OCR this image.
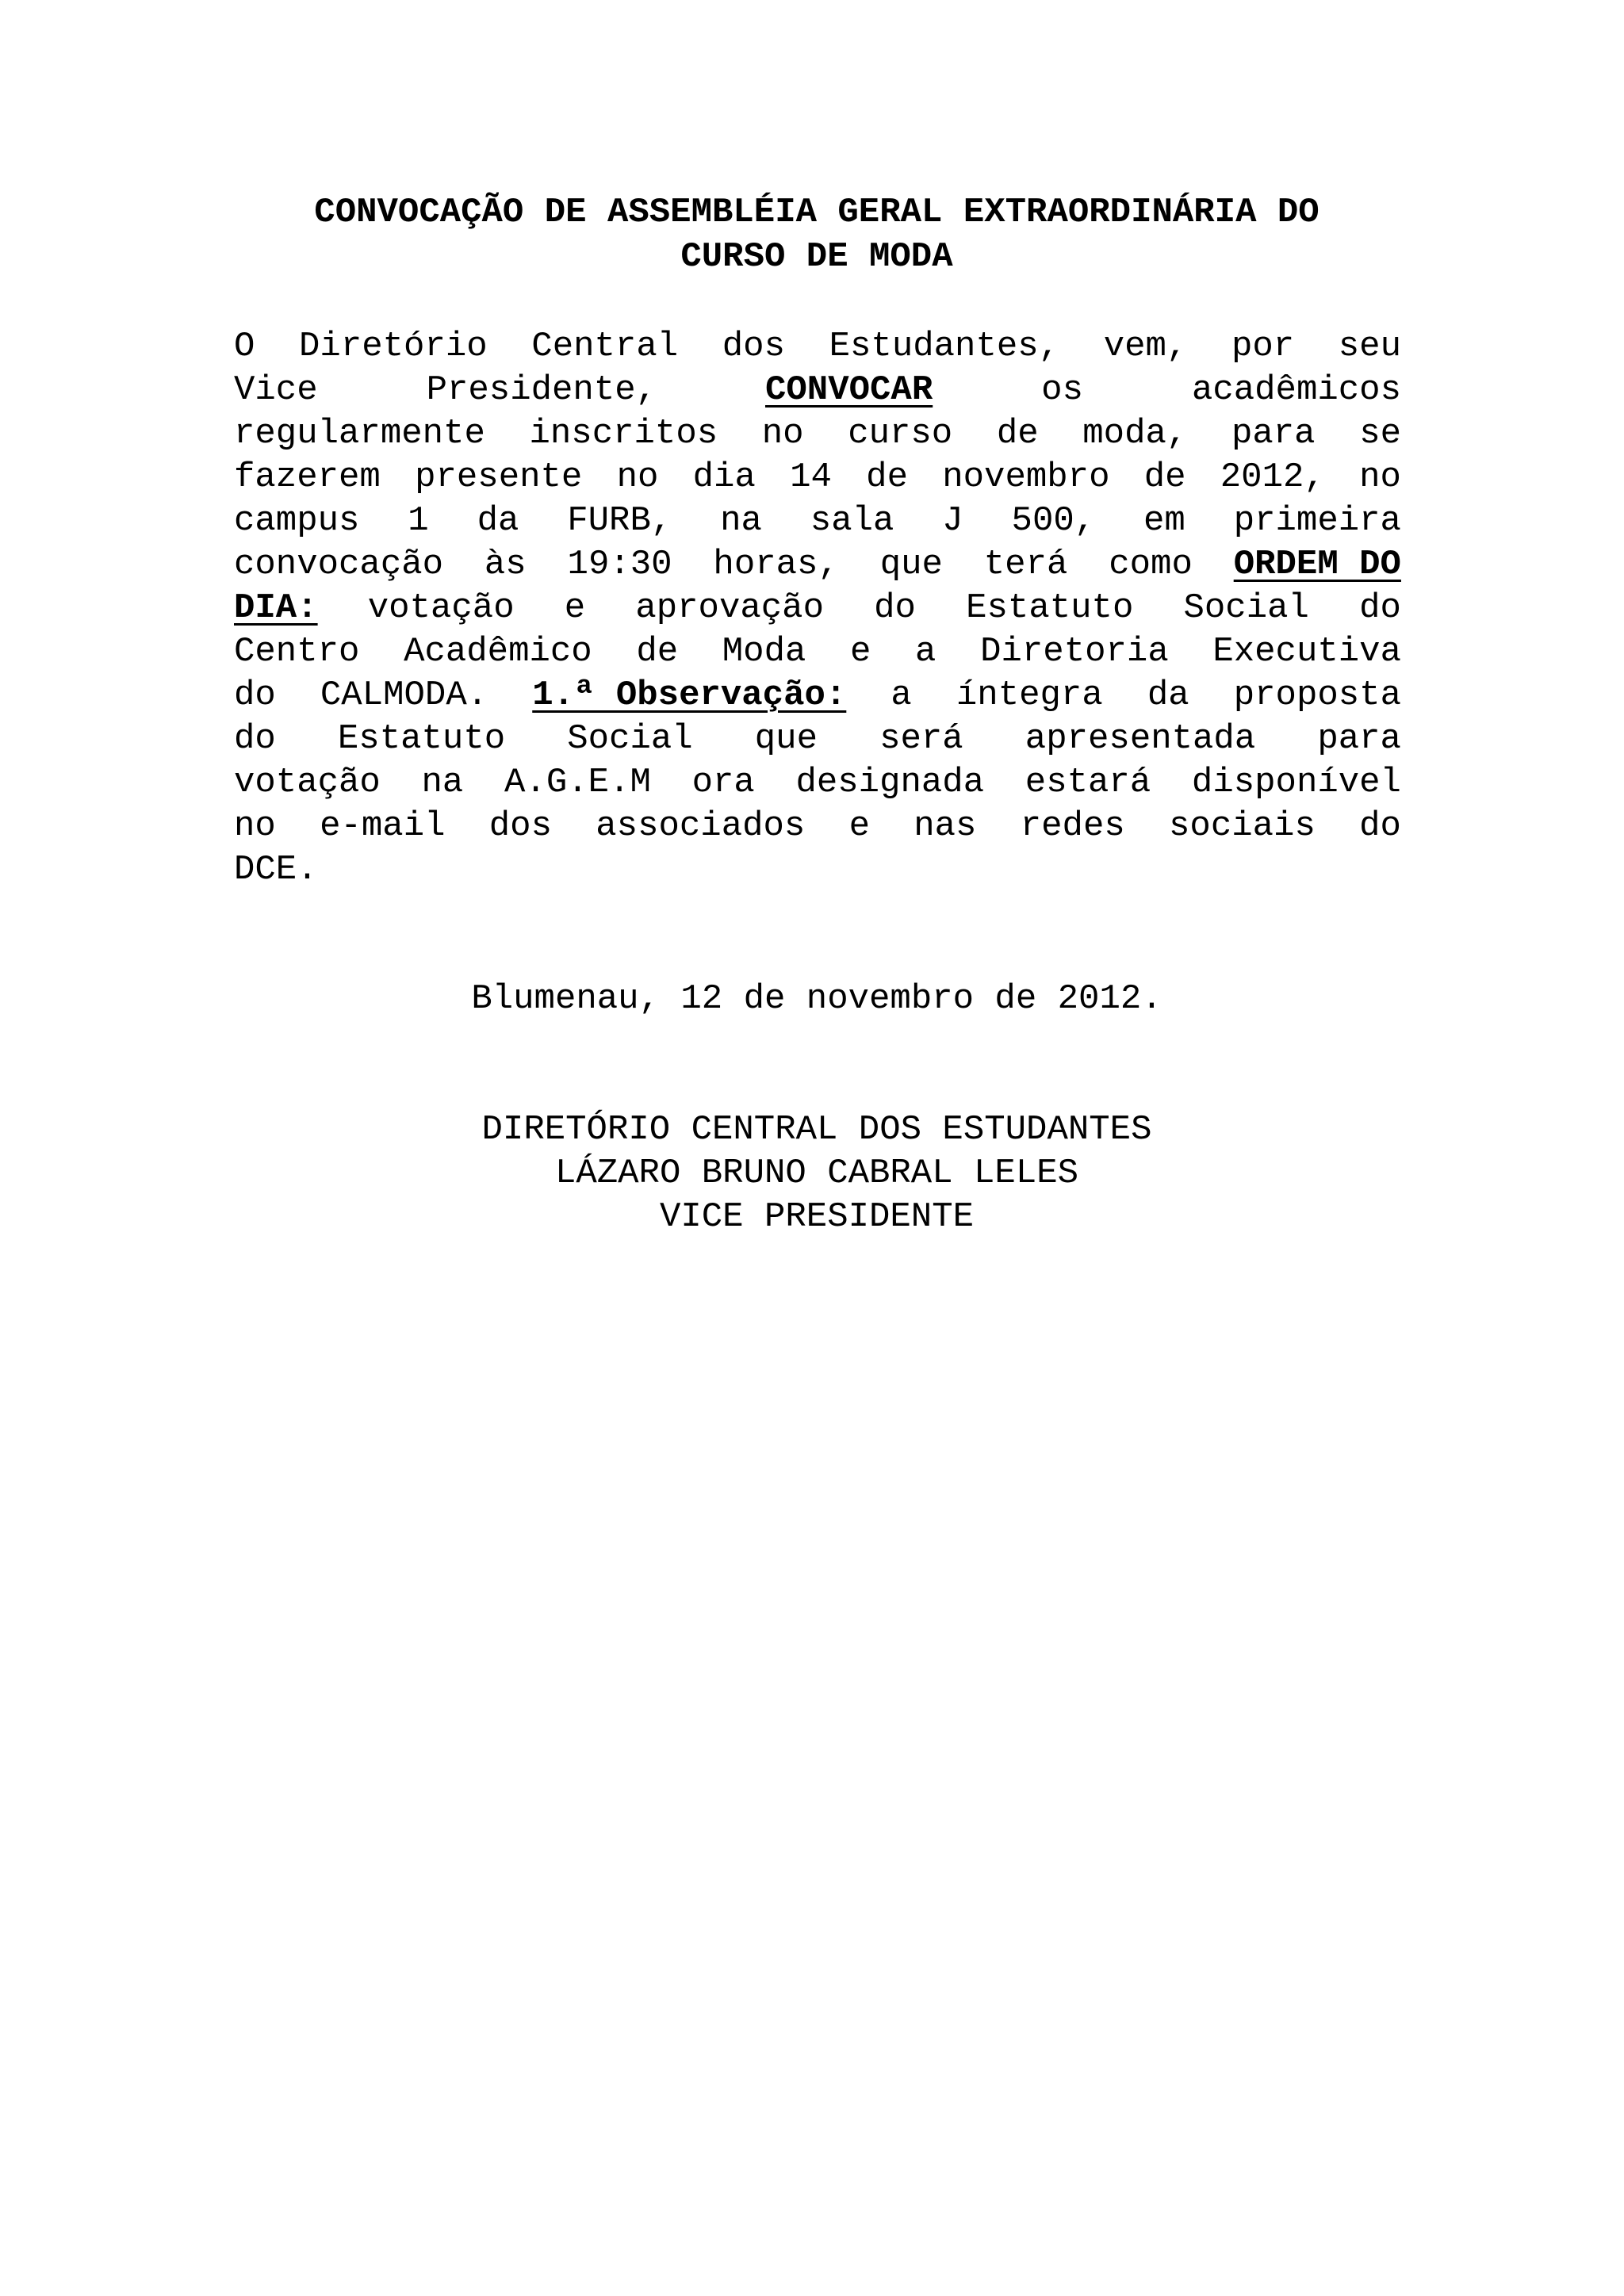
CONVOCAÇÃO DE ASSEMBLÉIA GERAL EXTRAORDINÁRIA DO
CURSO DE MODA
O Diretório Central dos Estudantes, vem, por seu
Vice	Presidente,	CONVOCAR	os	acadêmicos
regularmente inscritos no curso de moda, para se
fazerem presente no dia 14 de novembro de 2012, no
campus 1 da FURB, na sala J 500, em primeira
convocação às 19:30 horas, que terá como ORDEM DO
DIA: votação e aprovação do Estatuto Social do
Centro Acadêmico de Moda e a Diretoria Executiva
do CALMODA. 1.ª Observação: a íntegra da proposta
do Estatuto Social que será apresentada para
votação na A.G.E.M ora designada estará disponível
no e-mail dos associados e nas redes sociais do
DCE.
Blumenau, 12 de novembro de 2012.
DIRETÓRIO CENTRAL DOS ESTUDANTES
LÁZARO BRUNO CABRAL LELES
VICE PRESIDENTE
